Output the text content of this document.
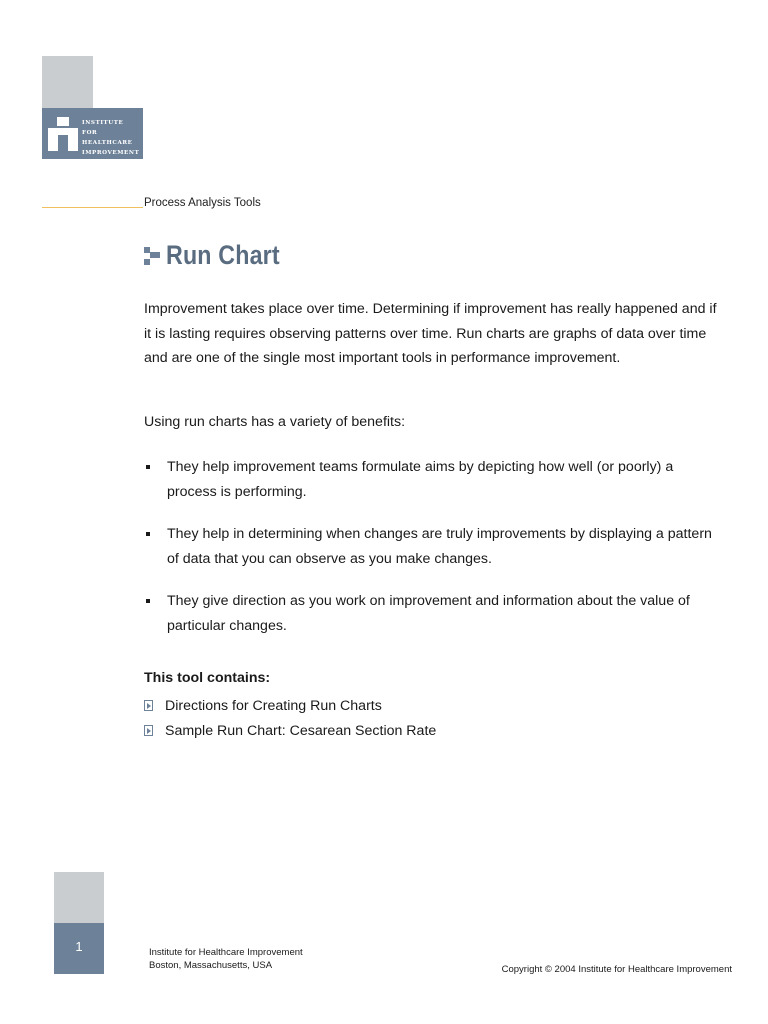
INSTITUTE FOR
HEALTHCARE
IMPROVEMENT
Process Analysis Tools
Run Chart

Improvement takes place over time. Determining if improvement has really happened and if it is lasting requires observing patterns over time. Run charts are graphs of data over time and are one of the single most important tools in performance improvement.

Using run charts has a variety of benefits:

They help improvement teams formulate aims by depicting how well (or poorly) a process is performing.
They help in determining when changes are truly improvements by displaying a pattern of data that you can observe as you make changes.
They give direction as you work on improvement and information about the value of particular changes.
This tool contains:
Directions for Creating Run Charts
Sample Run Chart: Cesarean Section Rate
1	Institute for Healthcare Improvement
Boston, Massachusetts, USA	Copyright © 2004 Institute for Healthcare Improvement
